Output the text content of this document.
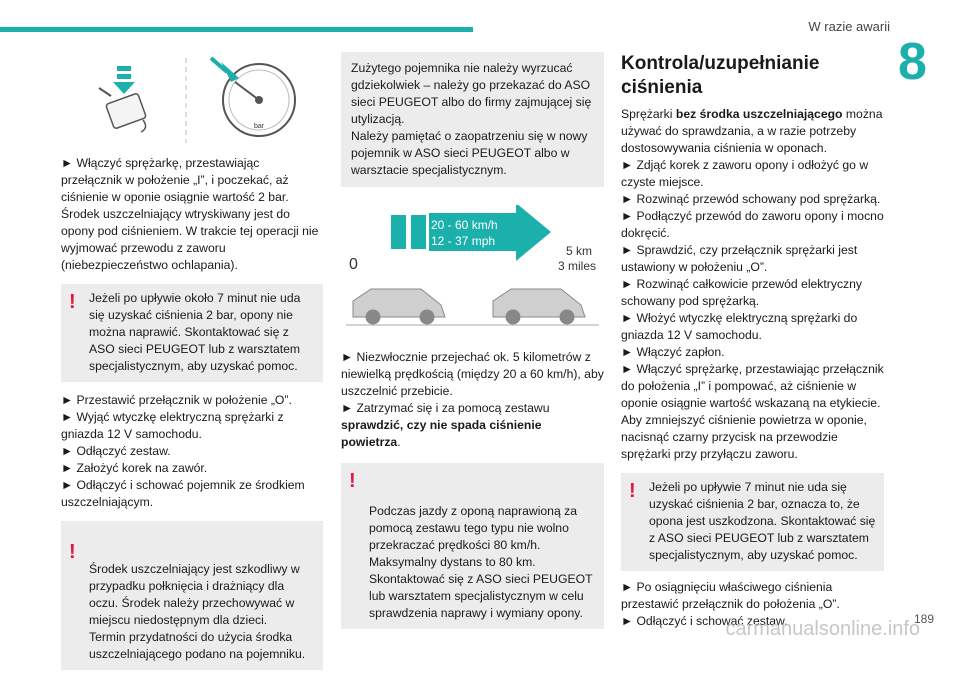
W razie awarii
8
bar

► Włączyć sprężarkę, przestawiając przełącznik w położenie „I”, i poczekać, aż ciśnienie w oponie osiągnie wartość 2 bar. Środek uszczelniający wtryskiwany jest do opony pod ciśnieniem. W trakcie tej operacji nie wyjmować przewodu z zaworu (niebezpieczeństwo ochlapania).

! Jeżeli po upływie około 7 minut nie uda się uzyskać ciśnienia 2 bar, opony nie można naprawić. Skontaktować się z ASO sieci PEUGEOT lub z warsztatem specjalistycznym, aby uzyskać pomoc.

► Przestawić przełącznik w położenie „O”.

► Wyjąć wtyczkę elektryczną sprężarki z gniazda 12 V samochodu.

► Odłączyć zestaw.

► Założyć korek na zawór.

► Odłączyć i schować pojemnik ze środkiem uszczelniającym.

!

Środek uszczelniający jest szkodliwy w przypadku połknięcia i drażniący dla oczu. Środek należy przechowywać w miejscu niedostępnym dla dzieci.
Termin przydatności do użycia środka uszczelniającego podano na pojemniku.

Zużytego pojemnika nie należy wyrzucać gdziekolwiek – należy go przekazać do ASO sieci PEUGEOT albo do firmy zajmującej się utylizacją.
Należy pamiętać o zaopatrzeniu się w nowy pojemnik w ASO sieci PEUGEOT albo w warsztacie specjalistycznym.
20 - 60 km/h
12 - 37 mph
0
5 km
3 miles

► Niezwłocznie przejechać ok. 5 kilometrów z niewielką prędkością (między 20 a 60 km/h), aby uszczelnić przebicie.

► Zatrzymać się i za pomocą zestawu sprawdzić, czy nie spada ciśnienie powietrza.

!

Podczas jazdy z oponą naprawioną za pomocą zestawu tego typu nie wolno przekraczać prędkości 80 km/h. Maksymalny dystans to 80 km.
Skontaktować się z ASO sieci PEUGEOT lub warsztatem specjalistycznym w celu sprawdzenia naprawy i wymiany opony.

Kontrola/uzupełnianie ciśnienia

Sprężarki bez środka uszczelniającego można używać do sprawdzania, a w razie potrzeby dostosowywania ciśnienia w oponach.

► Zdjąć korek z zaworu opony i odłożyć go w czyste miejsce.

► Rozwinąć przewód schowany pod sprężarką.

► Podłączyć przewód do zaworu opony i mocno dokręcić.

► Sprawdzić, czy przełącznik sprężarki jest ustawiony w położeniu „O”.

► Rozwinąć całkowicie przewód elektryczny schowany pod sprężarką.

► Włożyć wtyczkę elektryczną sprężarki do gniazda 12 V samochodu.

► Włączyć zapłon.

► Włączyć sprężarkę, przestawiając przełącznik do położenia „I” i pompować, aż ciśnienie w oponie osiągnie wartość wskazaną na etykiecie. Aby zmniejszyć ciśnienie powietrza w oponie, nacisnąć czarny przycisk na przewodzie sprężarki przy przyłączu zaworu.

! Jeżeli po upływie 7 minut nie uda się uzyskać ciśnienia 2 bar, oznacza to, że opona jest uszkodzona. Skontaktować się z ASO sieci PEUGEOT lub z warsztatem specjalistycznym, aby uzyskać pomoc.

► Po osiągnięciu właściwego ciśnienia przestawić przełącznik do położenia „O”.

► Odłączyć i schować zestaw.	189
carmanualsonline.info
